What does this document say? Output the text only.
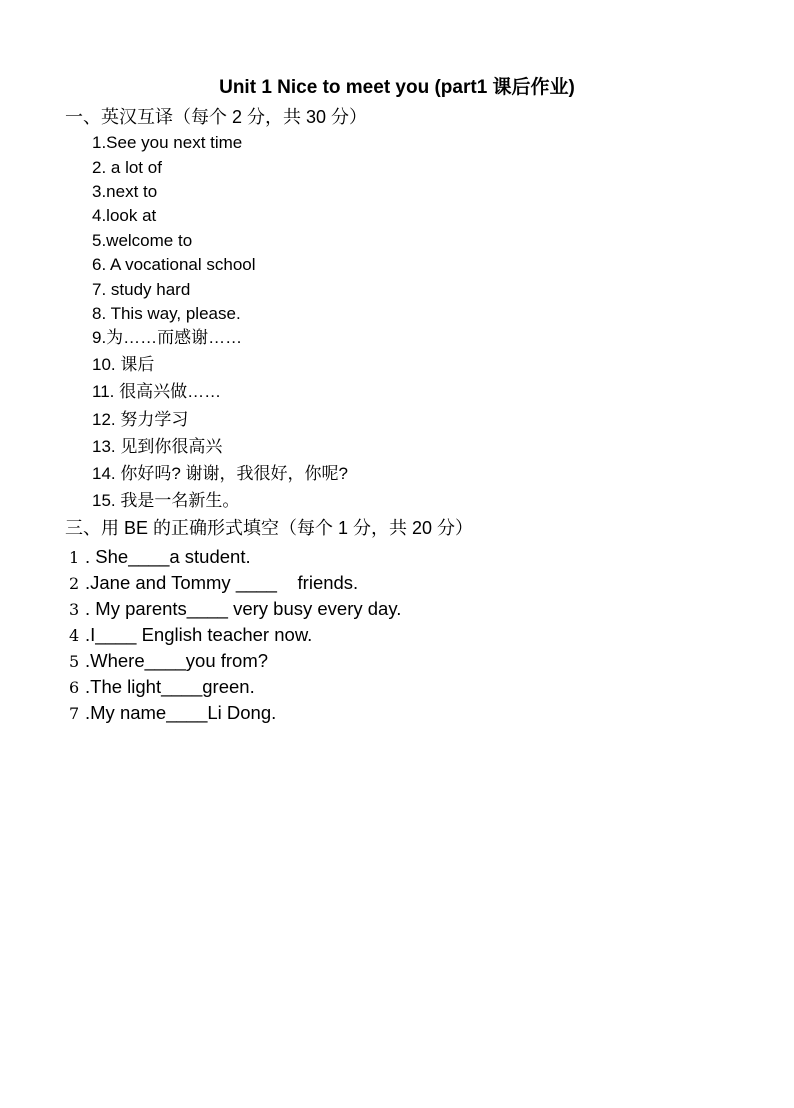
Unit 1 Nice to meet you (part1 课后作业)
一、英汉互译（每个 2 分，共 30 分）
1.See you next time
2. a lot of
3.next to
4.look at
5.welcome to
6. A vocational school
7. study hard
8. This way, please.
9.为……而感谢……
10. 课后
11. 很高兴做……
12. 努力学习
13. 见到你很高兴
14. 你好吗? 谢谢，我很好，你呢?
15. 我是一名新生。
三、用 BE 的正确形式填空（每个 1 分，共 20 分）
1 . She____a student.
2 .Jane and Tommy ____    friends.
3 . My parents____ very busy every day.
4 .I____ English teacher now.
5 .Where____you from?
6 .The light____green.
7 .My name____Li Dong.
